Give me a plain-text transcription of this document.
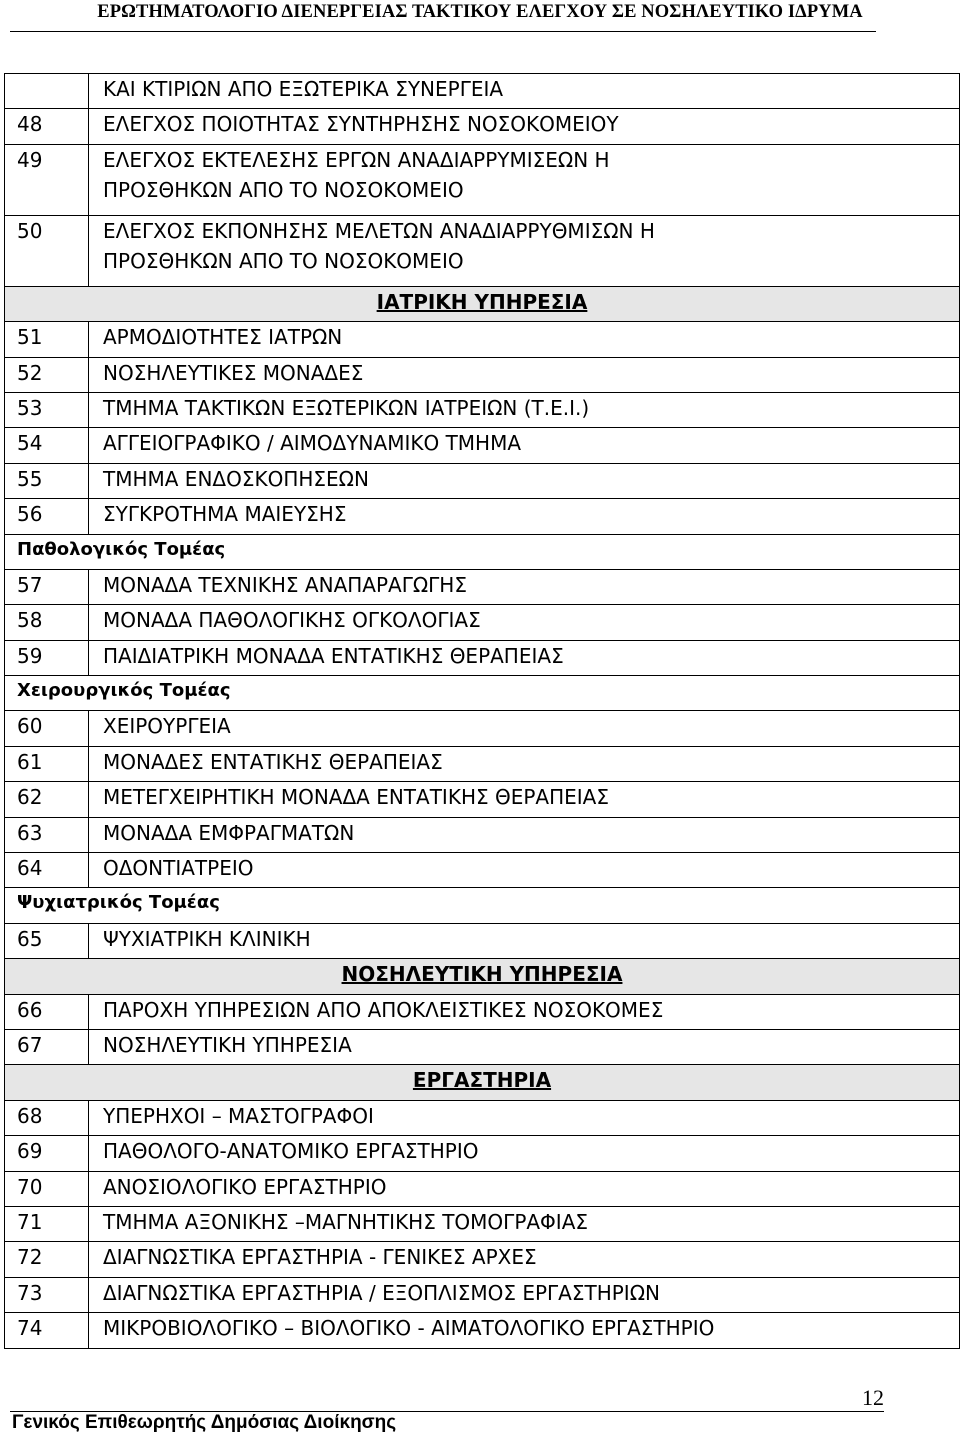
ΕΡΩΤΗΜΑΤΟΛΟΓΙΟ ΔΙΕΝΕΡΓΕΙΑΣ ΤΑΚΤΙΚΟΥ ΕΛΕΓΧΟΥ ΣΕ ΝΟΣΗΛΕΥΤΙΚΟ ΙΔΡΥΜΑ

	ΚΑΙ ΚΤΙΡΙΩΝ ΑΠΟ ΕΞΩΤΕΡΙΚΑ ΣΥΝΕΡΓΕΙΑ

48	ΕΛΕΓΧΟΣ ΠΟΙΟΤΗΤΑΣ ΣΥΝΤΗΡΗΣΗΣ ΝΟΣΟΚΟΜΕΙΟΥ

49	ΕΛΕΓΧΟΣ ΕΚΤΕΛΕΣΗΣ ΕΡΓΩΝ ΑΝΑΔΙΑΡΡΥΜΙΣΕΩΝ Η
ΠΡΟΣΘΗΚΩΝ ΑΠΟ ΤΟ ΝΟΣΟΚΟΜΕΙΟ

50	ΕΛΕΓΧΟΣ ΕΚΠΟΝΗΣΗΣ ΜΕΛΕΤΩΝ ΑΝΑΔΙΑΡΡΥΘΜΙΣΩΝ Η
ΠΡΟΣΘΗΚΩΝ ΑΠΟ ΤΟ ΝΟΣΟΚΟΜΕΙΟ

ΙΑΤΡΙΚΗ ΥΠΗΡΕΣΙΑ	
51	ΑΡΜΟΔΙΟΤΗΤΕΣ ΙΑΤΡΩΝ

52	ΝΟΣΗΛΕΥΤΙΚΕΣ ΜΟΝΑΔΕΣ

53	ΤΜΗΜΑ ΤΑΚΤΙΚΩΝ ΕΞΩΤΕΡΙΚΩΝ ΙΑΤΡΕΙΩΝ (Τ.Ε.Ι.)

54	ΑΓΓΕΙΟΓΡΑΦΙΚΟ / ΑΙΜΟΔΥΝΑΜΙΚΟ ΤΜΗΜΑ

55	ΤΜΗΜΑ ΕΝΔΟΣΚΟΠΗΣΕΩΝ

56	ΣΥΓΚΡΟΤΗΜΑ ΜΑΙΕΥΣΗΣ

Παθολογικός Τομέας	
57	ΜΟΝΑΔΑ ΤΕΧΝΙΚΗΣ ΑΝΑΠΑΡΑΓΩΓΗΣ

58	ΜΟΝΑΔΑ ΠΑΘΟΛΟΓΙΚΗΣ ΟΓΚΟΛΟΓΙΑΣ

59	ΠΑΙΔΙΑΤΡΙΚΗ ΜΟΝΑΔΑ ΕΝΤΑΤΙΚΗΣ ΘΕΡΑΠΕΙΑΣ

Χειρουργικός Τομέας	
60	ΧΕΙΡΟΥΡΓΕΙΑ

61	ΜΟΝΑΔΕΣ ΕΝΤΑΤΙΚΗΣ ΘΕΡΑΠΕΙΑΣ

62	ΜΕΤΕΓΧΕΙΡΗΤΙΚΗ ΜΟΝΑΔΑ ΕΝΤΑΤΙΚΗΣ ΘΕΡΑΠΕΙΑΣ

63	ΜΟΝΑΔΑ ΕΜΦΡΑΓΜΑΤΩΝ

64	ΟΔΟΝΤΙΑΤΡΕΙΟ

Ψυχιατρικός Τομέας	
65	ΨΥΧΙΑΤΡΙΚΗ ΚΛΙΝΙΚΗ

ΝΟΣΗΛΕΥΤΙΚΗ ΥΠΗΡΕΣΙΑ	
66	ΠΑΡΟΧΗ ΥΠΗΡΕΣΙΩΝ ΑΠΟ ΑΠΟΚΛΕΙΣΤΙΚΕΣ ΝΟΣΟΚΟΜΕΣ

67	ΝΟΣΗΛΕΥΤΙΚΗ ΥΠΗΡΕΣΙΑ

ΕΡΓΑΣΤΗΡΙΑ	
68	ΥΠΕΡΗΧΟΙ – ΜΑΣΤΟΓΡΑΦΟΙ

69	ΠΑΘΟΛΟΓΟ-ΑΝΑΤΟΜΙΚΟ ΕΡΓΑΣΤΗΡΙΟ

70	ΑΝΟΣΙΟΛΟΓΙΚΟ ΕΡΓΑΣΤΗΡΙΟ

71	ΤΜΗΜΑ ΑΞΟΝΙΚΗΣ –ΜΑΓΝΗΤΙΚΗΣ ΤΟΜΟΓΡΑΦΙΑΣ

72	ΔΙΑΓΝΩΣΤΙΚΑ ΕΡΓΑΣΤΗΡΙΑ - ΓΕΝΙΚΕΣ ΑΡΧΕΣ

73	ΔΙΑΓΝΩΣΤΙΚΑ ΕΡΓΑΣΤΗΡΙΑ / ΕΞΟΠΛΙΣΜΟΣ ΕΡΓΑΣΤΗΡΙΩΝ

74	ΜΙΚΡΟΒΙΟΛΟΓΙΚΟ – ΒΙΟΛΟΓΙΚΟ - ΑΙΜΑΤΟΛΟΓΙΚΟ ΕΡΓΑΣΤΗΡΙΟ
12
Γενικός Επιθεωρητής Δημόσιας Διοίκησης
